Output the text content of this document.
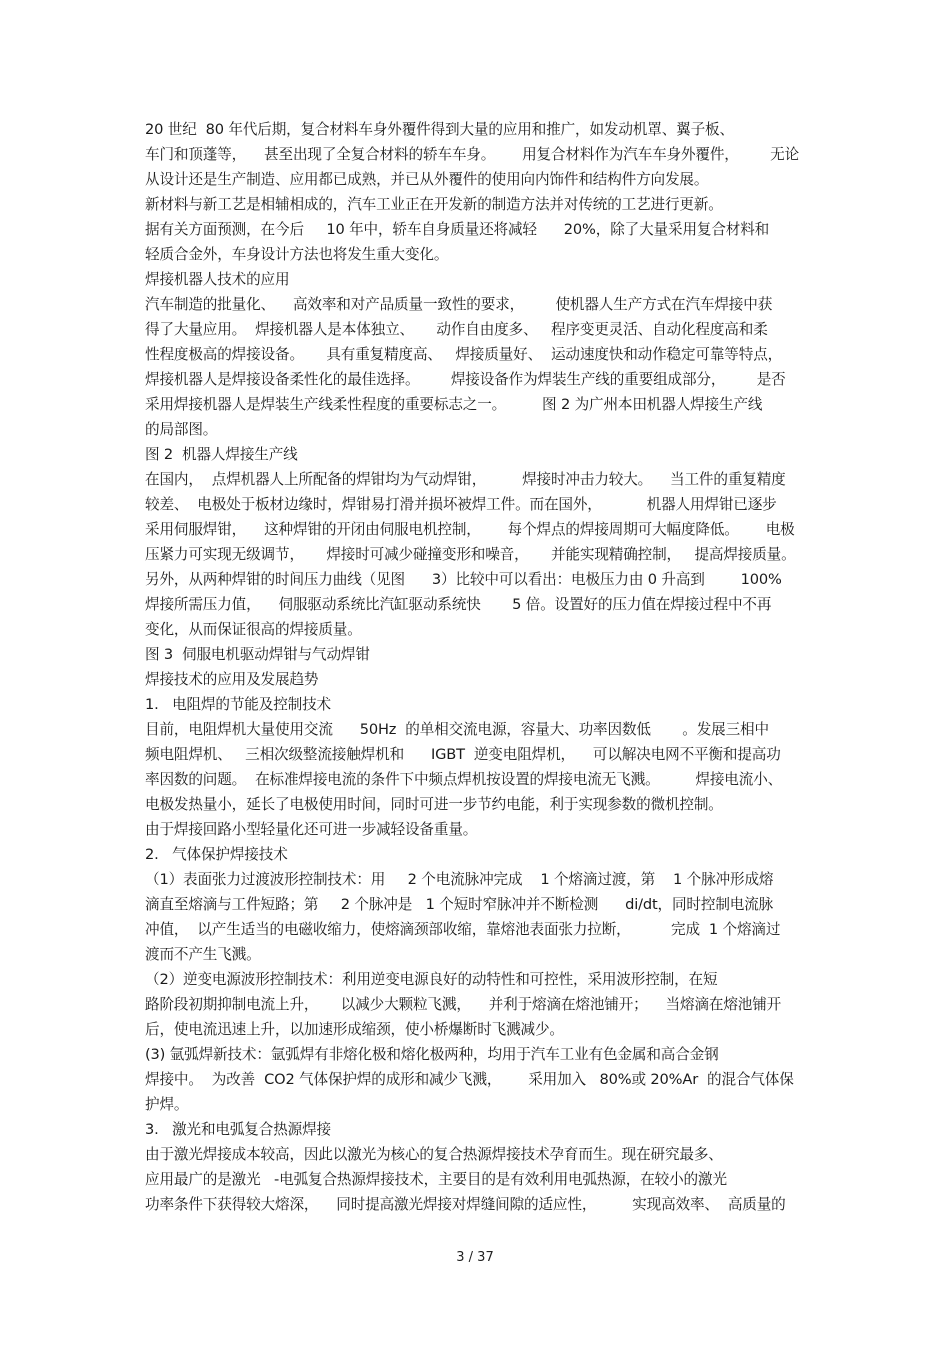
20 世纪  80 年代后期，复合材料车身外覆件得到大量的应用和推广，如发动机罩、翼子板、
车门和顶蓬等，    甚至出现了全复合材料的轿车车身。      用复合材料作为汽车车身外覆件，       无论
从设计还是生产制造、应用都已成熟，并已从外覆件的使用向内饰件和结构件方向发展。
新材料与新工艺是相辅相成的，汽车工业正在开发新的制造方法并对传统的工艺进行更新。
据有关方面预测，在今后     10 年中，轿车自身质量还将减轻      20%，除了大量采用复合材料和
轻质合金外，车身设计方法也将发生重大变化。
焊接机器人技术的应用
汽车制造的批量化、    高效率和对产品质量一致性的要求，       使机器人生产方式在汽车焊接中获
得了大量应用。  焊接机器人是本体独立、     动作自由度多、   程序变更灵活、自动化程度高和柔
性程度极高的焊接设备。     具有重复精度高、   焊接质量好、  运动速度快和动作稳定可靠等特点，
焊接机器人是焊接设备柔性化的最佳选择。       焊接设备作为焊装生产线的重要组成部分，       是否
采用焊接机器人是焊装生产线柔性程度的重要标志之一。        图 2 为广州本田机器人焊接生产线
的局部图。
图 2  机器人焊接生产线
在国内，  点焊机器人上所配备的焊钳均为气动焊钳，        焊接时冲击力较大。    当工件的重复精度
较差、  电极处于板材边缘时，焊钳易打滑并损坏被焊工件。而在国外，          机器人用焊钳已逐步
采用伺服焊钳，    这种焊钳的开闭由伺服电机控制，      每个焊点的焊接周期可大幅度降低。      电极
压紧力可实现无级调节，     焊接时可减少碰撞变形和噪音，     并能实现精确控制，   提高焊接质量。
另外，从两种焊钳的时间压力曲线（见图      3）比较中可以看出：电极压力由 0 升高到        100%
焊接所需压力值，    伺服驱动系统比汽缸驱动系统快       5 倍。设置好的压力值在焊接过程中不再
变化，从而保证很高的焊接质量。
图 3  伺服电机驱动焊钳与气动焊钳
焊接技术的应用及发展趋势
1.   电阻焊的节能及控制技术
目前，电阻焊机大量使用交流      50Hz  的单相交流电源，容量大、功率因数低       。发展三相中
频电阻焊机、   三相次级整流接触焊机和      IGBT  逆变电阻焊机，    可以解决电网不平衡和提高功
率因数的问题。  在标准焊接电流的条件下中频点焊机按设置的焊接电流无飞溅。        焊接电流小、
电极发热量小，延长了电极使用时间，同时可进一步节约电能，利于实现参数的微机控制。
由于焊接回路小型轻量化还可进一步减轻设备重量。
2.   气体保护焊接技术
（1）表面张力过渡波形控制技术：用     2 个电流脉冲完成    1 个熔滴过渡，第    1 个脉冲形成熔
滴直至熔滴与工件短路；第     2 个脉冲是   1 个短时窄脉冲并不断检测      di/dt，同时控制电流脉
冲值，  以产生适当的电磁收缩力，使熔滴颈部收缩，靠熔池表面张力拉断，         完成  1 个熔滴过
渡而不产生飞溅。
（2）逆变电源波形控制技术：利用逆变电源良好的动特性和可控性，采用波形控制，在短
路阶段初期抑制电流上升，     以减少大颗粒飞溅，    并利于熔滴在熔池铺开；    当熔滴在熔池铺开
后，使电流迅速上升，以加速形成缩颈，使小桥爆断时飞溅减少。
(3) 氩弧焊新技术：氩弧焊有非熔化极和熔化极两种，均用于汽车工业有色金属和高合金钢
焊接中。  为改善  CO2 气体保护焊的成形和减少飞溅，      采用加入   80%或 20%Ar  的混合气体保
护焊。
3.   激光和电弧复合热源焊接
由于激光焊接成本较高，因此以激光为核心的复合热源焊接技术孕育而生。现在研究最多、
应用最广的是激光   -电弧复合热源焊接技术，主要目的是有效利用电弧热源，在较小的激光
功率条件下获得较大熔深，    同时提高激光焊接对焊缝间隙的适应性，        实现高效率、  高质量的
3 / 37
